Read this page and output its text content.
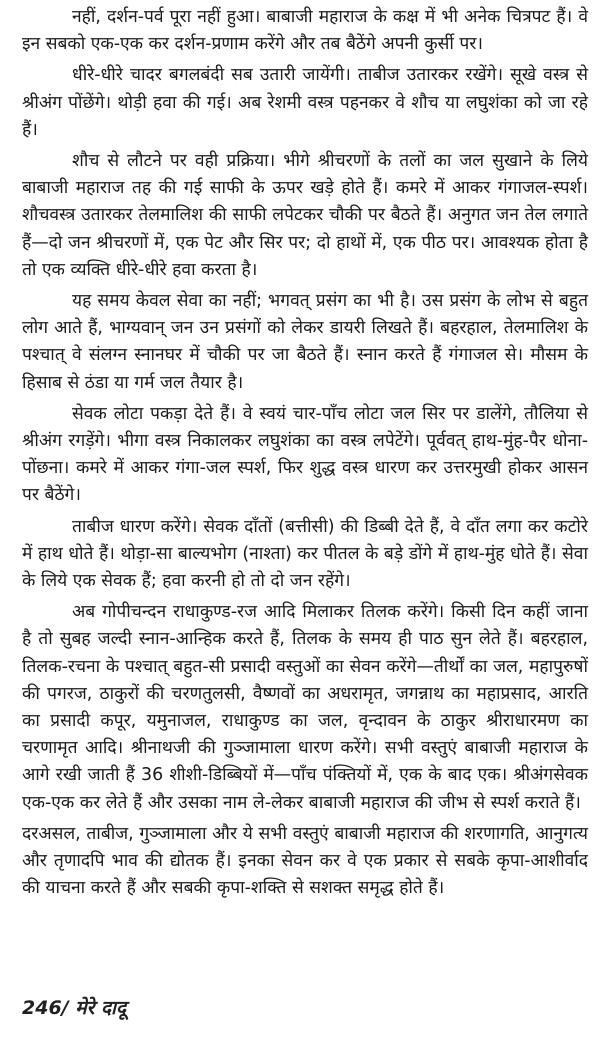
नहीं, दर्शन-पर्व पूरा नहीं हुआ। बाबाजी महाराज के कक्ष में भी अनेक चित्रपट हैं। वे इन सबको एक-एक कर दर्शन-प्रणाम करेंगे और तब बैठेंगे अपनी कुर्सी पर।

धीरे-धीरे चादर बगलबंदी सब उतारी जायेंगी। ताबीज उतारकर रखेंगे। सूखे वस्त्र से श्रीअंग पोंछेंगे। थोड़ी हवा की गई। अब रेशमी वस्त्र पहनकर वे शौच या लघुशंका को जा रहे हैं।

शौच से लौटने पर वही प्रक्रिया। भीगे श्रीचरणों के तलों का जल सुखाने के लिये बाबाजी महाराज तह की गई साफी के ऊपर खड़े होते हैं। कमरे में आकर गंगाजल-स्पर्श। शौचवस्त्र उतारकर तेलमालिश की साफी लपेटकर चौकी पर बैठते हैं। अनुगत जन तेल लगाते हैं—दो जन श्रीचरणों में, एक पेट और सिर पर; दो हाथों में, एक पीठ पर। आवश्यक होता है तो एक व्यक्ति धीरे-धीरे हवा करता है।

यह समय केवल सेवा का नहीं; भगवत् प्रसंग का भी है। उस प्रसंग के लोभ से बहुत लोग आते हैं, भाग्यवान् जन उन प्रसंगों को लेकर डायरी लिखते हैं। बहरहाल, तेलमालिश के पश्चात् वे संलग्न स्नानघर में चौकी पर जा बैठते हैं। स्नान करते हैं गंगाजल से। मौसम के हिसाब से ठंडा या गर्म जल तैयार है।

सेवक लोटा पकड़ा देते हैं। वे स्वयं चार-पाँच लोटा जल सिर पर डालेंगे, तौलिया से श्रीअंग रगड़ेंगे। भीगा वस्त्र निकालकर लघुशंका का वस्त्र लपेटेंगे। पूर्ववत् हाथ-मुंह-पैर धोना-पोंछना। कमरे में आकर गंगा-जल स्पर्श, फिर शुद्ध वस्त्र धारण कर उत्तरमुखी होकर आसन पर बैठेंगे।

ताबीज धारण करेंगे। सेवक दाँतों (बत्तीसी) की डिब्बी देते हैं, वे दाँत लगा कर कटोरे में हाथ धोते हैं। थोड़ा-सा बाल्यभोग (नाश्ता) कर पीतल के बड़े डोंगे में हाथ-मुंह धोते हैं। सेवा के लिये एक सेवक हैं; हवा करनी हो तो दो जन रहेंगे।

अब गोपीचन्दन राधाकुण्ड-रज आदि मिलाकर तिलक करेंगे। किसी दिन कहीं जाना है तो सुबह जल्दी स्नान-आन्हिक करते हैं, तिलक के समय ही पाठ सुन लेते हैं। बहरहाल, तिलक-रचना के पश्चात् बहुत-सी प्रसादी वस्तुओं का सेवन करेंगे—तीर्थों का जल, महापुरुषों की पगरज, ठाकुरों की चरणतुलसी, वैष्णवों का अधरामृत, जगन्नाथ का महाप्रसाद, आरति का प्रसादी कपूर, यमुनाजल, राधाकुण्ड का जल, वृन्दावन के ठाकुर श्रीराधारमण का चरणामृत आदि। श्रीनाथजी की गुञ्जामाला धारण करेंगे। सभी वस्तुएं बाबाजी महाराज के आगे रखी जाती हैं 36 शीशी-डिब्बियों में—पाँच पंक्तियों में, एक के बाद एक। श्रीअंगसेवक एक-एक कर लेते हैं और उसका नाम ले-लेकर बाबाजी महाराज की जीभ से स्पर्श कराते हैं।

दरअसल, ताबीज, गुञ्जामाला और ये सभी वस्तुएं बाबाजी महाराज की शरणागति, आनुगत्य और तृणादपि भाव की द्योतक हैं। इनका सेवन कर वे एक प्रकार से सबके कृपा-आशीर्वाद की याचना करते हैं और सबकी कृपा-शक्ति से सशक्त समृद्ध होते हैं।

246/ मेरे दादू
